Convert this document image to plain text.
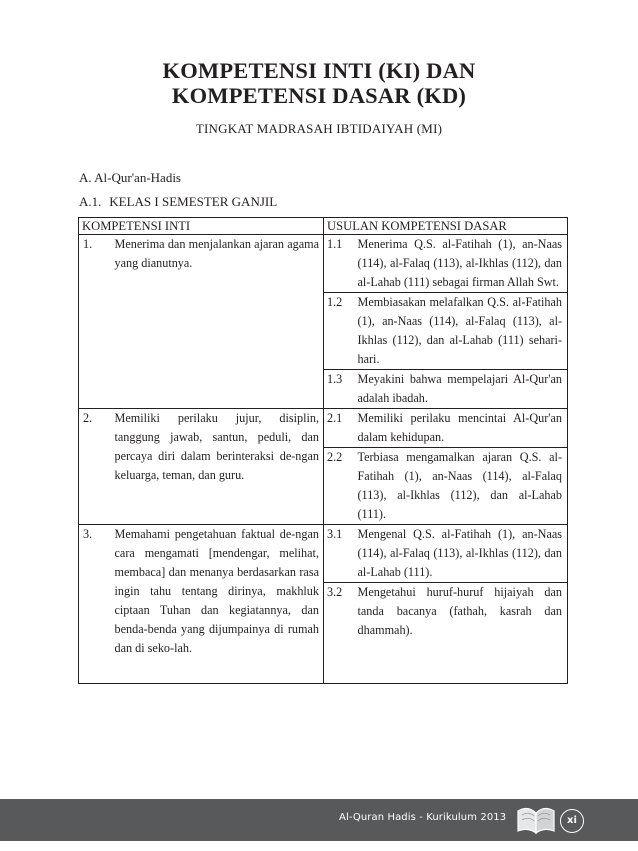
KOMPETENSI INTI (KI) DAN
KOMPETENSI DASAR (KD)
TINGKAT MADRASAH IBTIDAIYAH (MI)
A. Al-Qur'an-Hadis
A.1. KELAS I SEMESTER GANJIL
KOMPETENSI INTI		USULAN KOMPETENSI DASAR	
1.	Menerima dan menjalankan ajaran agama yang dianutnya.	1.1	Menerima Q.S. al-Fatihah (1), an-Naas (114), al-Falaq (113), al-Ikhlas (112), dan al-Lahab (111) sebagai firman Allah Swt.
		1.2	Membiasakan melafalkan Q.S. al-Fatihah (1), an-Naas (114), al-Falaq (113), al-Ikhlas (112), dan al-Lahab (111) sehari-hari.
		1.3	Meyakini bahwa mempelajari Al-Qur'an adalah ibadah.
2.	Memiliki perilaku jujur, disiplin, tanggung jawab, santun, peduli, dan percaya diri dalam berinteraksi de-ngan keluarga, teman, dan guru.	2.1	Memiliki perilaku mencintai Al-Qur'an dalam kehidupan.
		2.2	Terbiasa mengamalkan ajaran Q.S. al-Fatihah (1), an-Naas (114), al-Falaq (113), al-Ikhlas (112), dan al-Lahab (111).
3.	Memahami pengetahuan faktual de-ngan cara mengamati [mendengar, melihat, membaca] dan menanya berdasarkan rasa ingin tahu tentang dirinya, makhluk ciptaan Tuhan dan kegiatannya, dan benda-benda yang dijumpainya di rumah dan di seko-lah.	3.1	Mengenal Q.S. al-Fatihah (1), an-Naas (114), al-Falaq (113), al-Ikhlas (112), dan al-Lahab (111).
		3.2	Mengetahui huruf-huruf hijaiyah dan tanda bacanya (fathah, kasrah dan dhammah).
Al-Quran Hadis - Kurikulum 2013	xi
